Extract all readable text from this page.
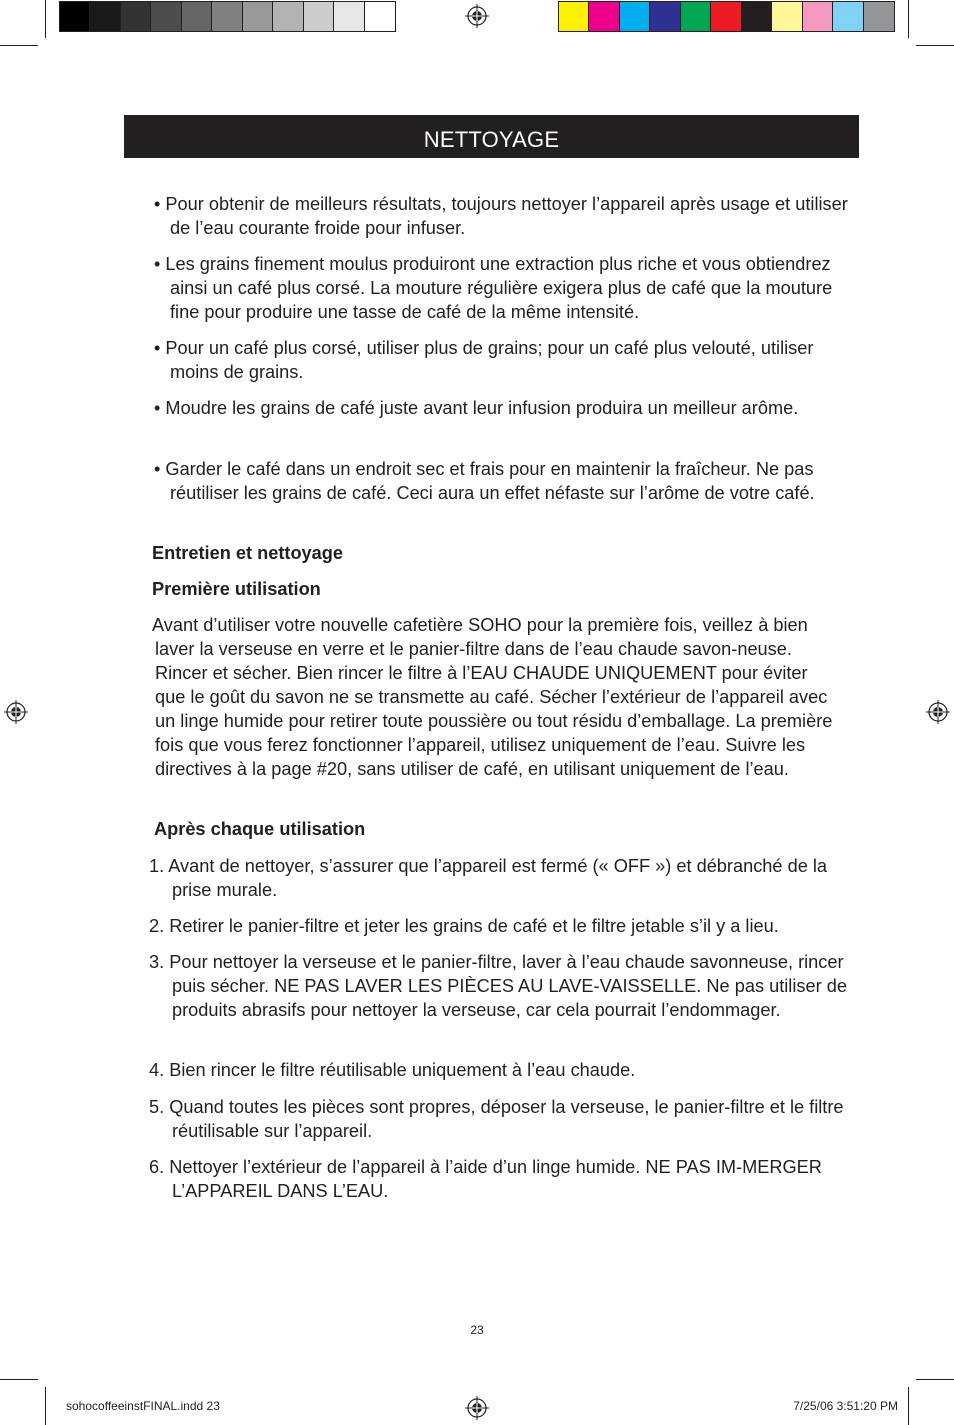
NETTOYAGE

• Pour obtenir de meilleurs résultats, toujours nettoyer l’appareil après usage et utiliser de l’eau courante froide pour infuser.

• Les grains finement moulus produiront une extraction plus riche et vous obtiendrez ainsi un café plus corsé. La mouture régulière exigera plus de café que la mouture fine pour produire une tasse de café de la même intensité.

• Pour un café plus corsé, utiliser plus de grains; pour un café plus velouté, utiliser moins de grains.

• Moudre les grains de café juste avant leur infusion produira un meilleur arôme.

• Garder le café dans un endroit sec et frais pour en maintenir la fraîcheur. Ne pas réutiliser les grains de café. Ceci aura un effet néfaste sur l’arôme de votre café.

Entretien et nettoyage

Première utilisation

Avant d’utiliser votre nouvelle cafetière SOHO pour la première fois, veillez à bien laver la verseuse en verre et le panier-filtre dans de l’eau chaude savon-neuse. Rincer et sécher. Bien rincer le filtre à l’EAU CHAUDE UNIQUEMENT pour éviter que le goût du savon ne se transmette au café. Sécher l’extérieur de l’appareil avec un linge humide pour retirer toute poussière ou tout résidu d’emballage. La première fois que vous ferez fonctionner l’appareil, utilisez uniquement de l’eau. Suivre les directives à la page #20, sans utiliser de café, en utilisant uniquement de l’eau.

Après chaque utilisation

1. Avant de nettoyer, s’assurer que l’appareil est fermé (« OFF ») et débranché de la prise murale.

2. Retirer le panier-filtre et jeter les grains de café et le filtre jetable s’il y a lieu.

3. Pour nettoyer la verseuse et le panier-filtre, laver à l’eau chaude savonneuse, rincer puis sécher. NE PAS LAVER LES PIÈCES AU LAVE-VAISSELLE. Ne pas utiliser de produits abrasifs pour nettoyer la verseuse, car cela pourrait l’endommager.

4. Bien rincer le filtre réutilisable uniquement à l’eau chaude.

5. Quand toutes les pièces sont propres, déposer la verseuse, le panier-filtre et le filtre réutilisable sur l’appareil.

6. Nettoyer l’extérieur de l’appareil à l’aide d’un linge humide. NE PAS IM-MERGER L’APPAREIL DANS L’EAU.

23
sohocoffeeinstFINAL.indd 23	7/25/06 3:51:20 PM
